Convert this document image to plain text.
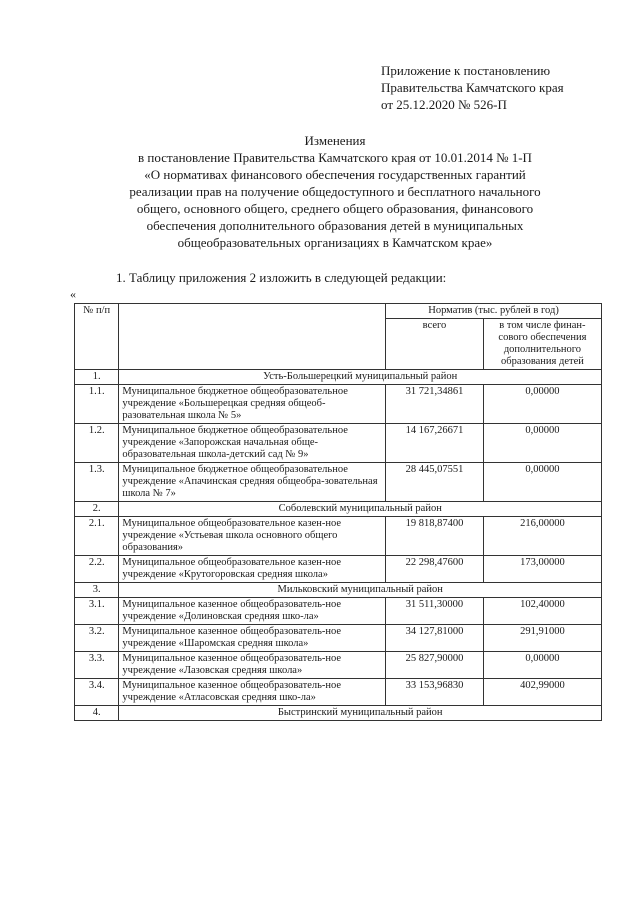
Приложение к постановлению
Правительства Камчатского края
от 25.12.2020 № 526-П
Изменения
в постановление Правительства Камчатского края от 10.01.2014 № 1-П
«О нормативах финансового обеспечения государственных гарантий
реализации прав на получение общедоступного и бесплатного начального
общего, основного общего, среднего общего образования, финансового
обеспечения дополнительного образования детей в муниципальных
общеобразовательных организациях в Камчатском крае»
1. Таблицу приложения 2 изложить в следующей редакции:
«
№ п/п		Норматив (тыс. рублей в год)	
		всего	в том числе финан-сового обеспечения дополнительного образования детей
1.	Усть-Большерецкий муниципальный район		
1.1.	Муниципальное бюджетное общеобразовательное учреждение «Большерецкая средняя общеоб-разовательная школа № 5»	31 721,34861	0,00000
1.2.	Муниципальное бюджетное общеобразовательное учреждение «Запорожская начальная обще-образовательная школа-детский сад № 9»	14 167,26671	0,00000
1.3.	Муниципальное бюджетное общеобразовательное учреждение «Апачинская средняя общеобра-зовательная школа № 7»	28 445,07551	0,00000
2.	Соболевский муниципальный район		
2.1.	Муниципальное общеобразовательное казен-ное учреждение «Устьевая школа основного общего образования»	19 818,87400	216,00000
2.2.	Муниципальное общеобразовательное казен-ное учреждение «Крутогоровская средняя школа»	22 298,47600	173,00000
3.	Мильковский муниципальный район		
3.1.	Муниципальное казенное общеобразователь-ное учреждение «Долиновская средняя шко-ла»	31 511,30000	102,40000
3.2.	Муниципальное казенное общеобразователь-ное учреждение «Шаромская средняя школа»	34 127,81000	291,91000
3.3.	Муниципальное казенное общеобразователь-ное учреждение «Лазовская средняя школа»	25 827,90000	0,00000
3.4.	Муниципальное казенное общеобразователь-ное учреждение «Атласовская средняя шко-ла»	33 153,96830	402,99000
4.	Быстринский муниципальный район		
